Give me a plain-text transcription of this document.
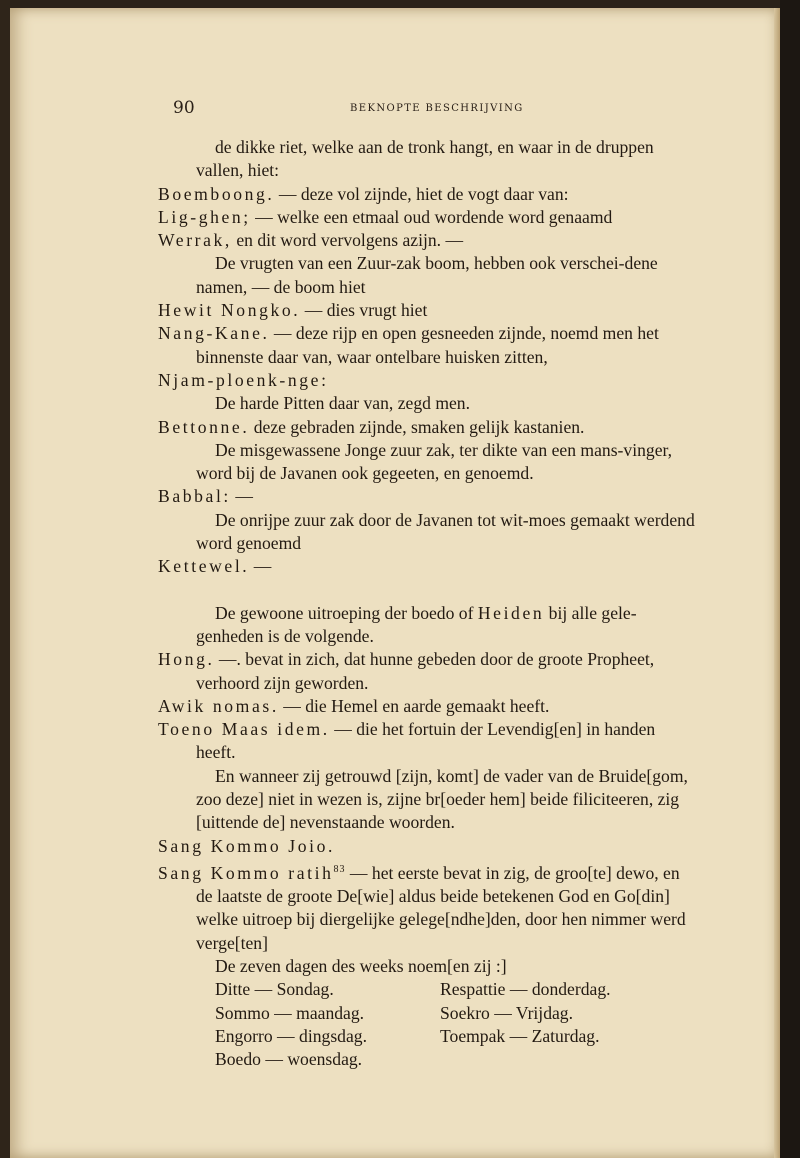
90	BEKNOPTE BESCHRIJVING

de dikke riet, welke aan de tronk hangt, en waar in de druppen vallen, hiet:

Boemboong. — deze vol zijnde, hiet de vogt daar van:

Lig-ghen; — welke een etmaal oud wordende word genaamd

Werrak, en dit word vervolgens azijn. —

De vrugten van een Zuur-zak boom, hebben ook verschei-dene namen, — de boom hiet

Hewit Nongko. — dies vrugt hiet

Nang-Kane. — deze rijp en open gesneeden zijnde, noemd men het binnenste daar van, waar ontelbare huisken zitten,

Njam-ploenk-nge:

De harde Pitten daar van, zegd men.

Bettonne. deze gebraden zijnde, smaken gelijk kastanien.

De misgewassene Jonge zuur zak, ter dikte van een mans-vinger, word bij de Javanen ook gegeeten, en genoemd.

Babbal: —

De onrijpe zuur zak door de Javanen tot wit-moes gemaakt werdend word genoemd

Kettewel. —

De gewoone uitroeping der boedo of Heiden bij alle gele-genheden is de volgende.

Hong. —. bevat in zich, dat hunne gebeden door de groote Propheet, verhoord zijn geworden.

Awik nomas. — die Hemel en aarde gemaakt heeft.

Toeno Maas idem. — die het fortuin der Levendig[en] in handen heeft.

En wanneer zij getrouwd [zijn, komt] de vader van de Bruide[gom, zoo deze] niet in wezen is, zijne br[oeder hem] beide filiciteeren, zig [uittende de] nevenstaande woorden.

Sang Kommo Joio.

Sang Kommo ratih$^{83}$ — het eerste bevat in zig, de groo[te] dewo, en de laatste de groote De[wie] aldus beide betekenen God en Go[din] welke uitroep bij diergelijke gelege[ndhe]den, door hen nimmer werd verge[ten]

De zeven dagen des weeks noem[en zij :]

Ditte — Sondag.	Respattie — donderdag.
Sommo — maandag.	Soekro — Vrijdag.
Engorro — dingsdag.	Toempak — Zaturdag.
Boedo — woensdag.
